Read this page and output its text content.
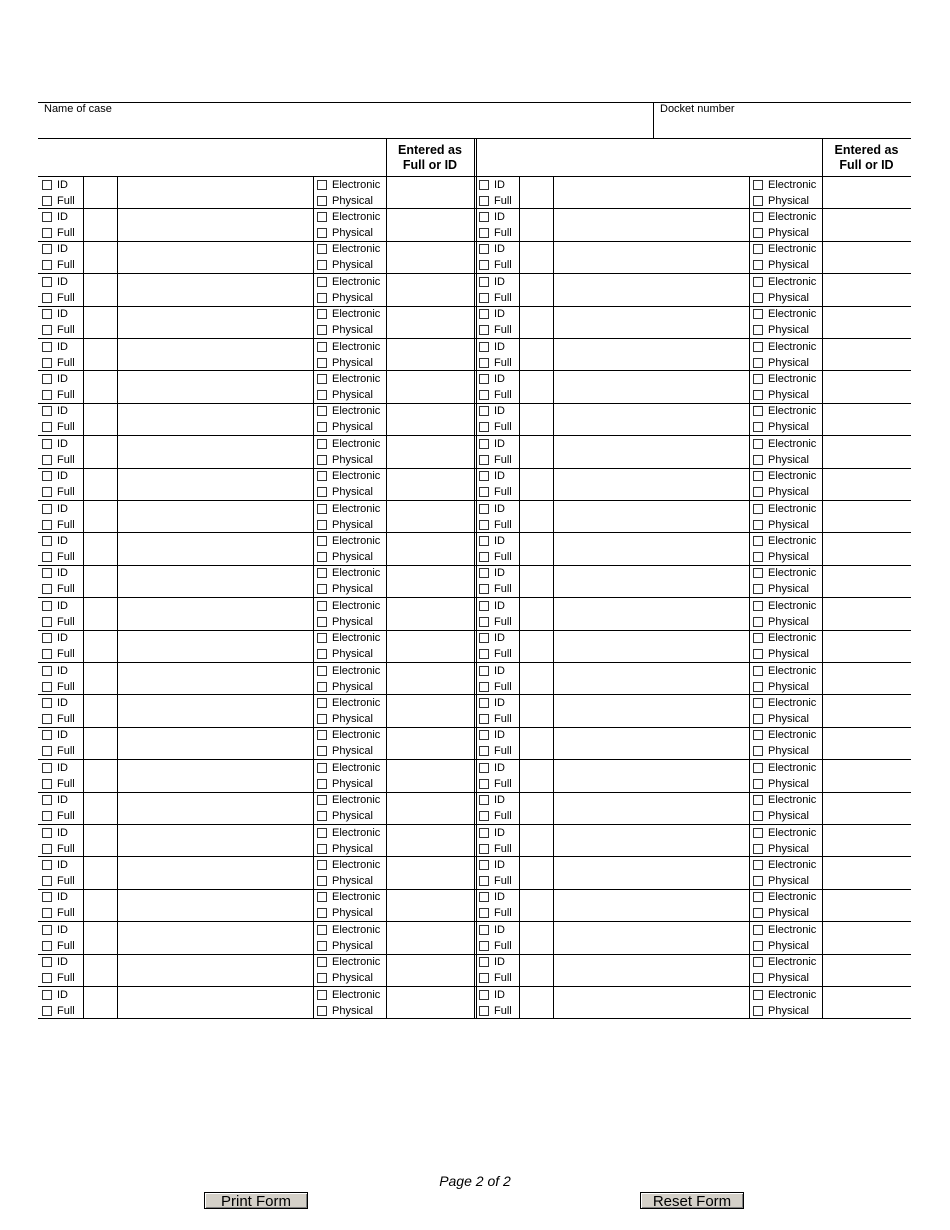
Name of case	Docket number
Entered as
Full or ID
Entered as
Full or ID
ID
Full
Electronic
Physical
ID
Full
Electronic
Physical
ID
Full
Electronic
Physical
ID
Full
Electronic
Physical
ID
Full
Electronic
Physical
ID
Full
Electronic
Physical
ID
Full
Electronic
Physical
ID
Full
Electronic
Physical
ID
Full
Electronic
Physical
ID
Full
Electronic
Physical
ID
Full
Electronic
Physical
ID
Full
Electronic
Physical
ID
Full
Electronic
Physical
ID
Full
Electronic
Physical
ID
Full
Electronic
Physical
ID
Full
Electronic
Physical
ID
Full
Electronic
Physical
ID
Full
Electronic
Physical
ID
Full
Electronic
Physical
ID
Full
Electronic
Physical
ID
Full
Electronic
Physical
ID
Full
Electronic
Physical
ID
Full
Electronic
Physical
ID
Full
Electronic
Physical
ID
Full
Electronic
Physical
ID
Full
Electronic
Physical
ID
Full
Electronic
Physical
ID
Full
Electronic
Physical
ID
Full
Electronic
Physical
ID
Full
Electronic
Physical
ID
Full
Electronic
Physical
ID
Full
Electronic
Physical
ID
Full
Electronic
Physical
ID
Full
Electronic
Physical
ID
Full
Electronic
Physical
ID
Full
Electronic
Physical
ID
Full
Electronic
Physical
ID
Full
Electronic
Physical
ID
Full
Electronic
Physical
ID
Full
Electronic
Physical
ID
Full
Electronic
Physical
ID
Full
Electronic
Physical
ID
Full
Electronic
Physical
ID
Full
Electronic
Physical
ID
Full
Electronic
Physical
ID
Full
Electronic
Physical
ID
Full
Electronic
Physical
ID
Full
Electronic
Physical
ID
Full
Electronic
Physical
ID
Full
Electronic
Physical
ID
Full
Electronic
Physical
ID
Full
Electronic
Physical
Page 2 of 2
Print Form	Reset Form
